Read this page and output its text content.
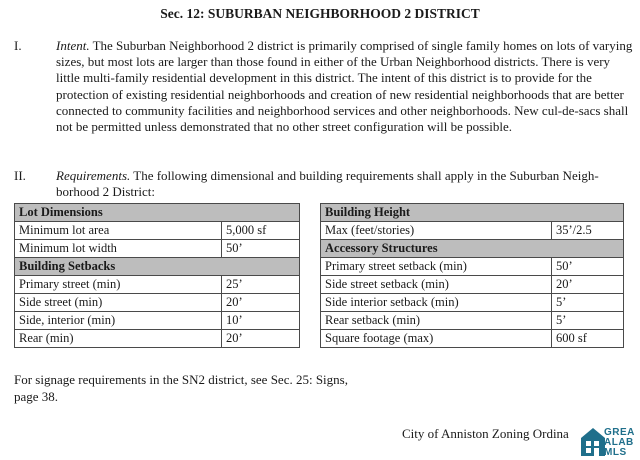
Sec. 12: SUBURBAN NEIGHBORHOOD 2 DISTRICT
I.	Intent. The Suburban Neighborhood 2 district is primarily comprised of single family homes on lots of varying sizes, but most lots are larger than those found in either of the Urban Neighborhood districts. There is very little multi-family residential development in this district. The intent of this district is to provide for the protection of existing residential neighborhoods and creation of new residential neighborhoods that are better connected to community facilities and neighborhood services and other neighborhoods. New cul-de-sacs shall not be permitted unless demonstrated that no other street configuration will be possible.
II. Requirements. The following dimensional and building requirements shall apply in the Suburban Neigh-borhood 2 District:
Lot Dimensions	
Minimum lot area	5,000 sf
Minimum lot width	50’
Building Setbacks	
Primary street (min)	25’
Side street (min)	20’
Side, interior (min)	10’
Rear (min)	20’
Building Height	
Max (feet/stories)	35’/2.5
Accessory Structures	
Primary street setback (min)	50’
Side street setback (min)	20’
Side interior setback (min)	5’
Rear setback (min)	5’
Square footage (max)	600 sf
For signage requirements in the SN2 district, see Sec. 25: Signs, page 38.
City of Anniston Zoning Ordina	GREA
ALAB
MLS
